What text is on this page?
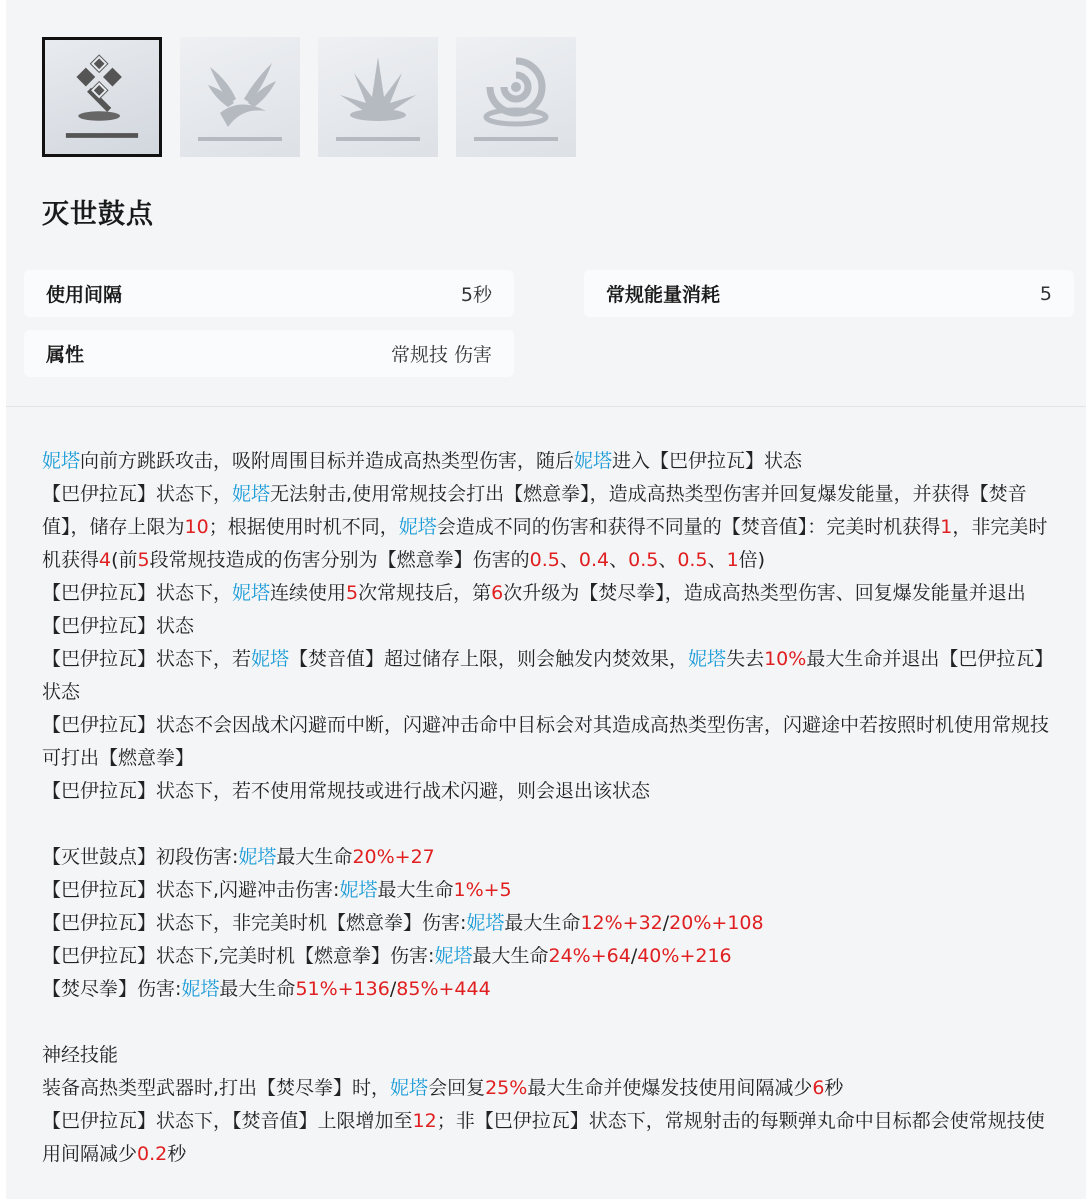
灭世鼓点
使用间隔	5秒	常规能量消耗	5
属性	常规技 伤害

妮塔向前方跳跃攻击，吸附周围目标并造成高热类型伤害，随后妮塔进入【巴伊拉瓦】状态

【巴伊拉瓦】状态下，妮塔无法射击,使用常规技会打出【燃意拳】，造成高热类型伤害并回复爆发能量，并获得【焚音值】，储存上限为10；根据使用时机不同，妮塔会造成不同的伤害和获得不同量的【焚音值】：完美时机获得1，非完美时机获得4(前5段常规技造成的伤害分别为【燃意拳】伤害的0.5、0.4、0.5、0.5、1倍)

【巴伊拉瓦】状态下，妮塔连续使用5次常规技后，第6次升级为【焚尽拳】，造成高热类型伤害、回复爆发能量并退出【巴伊拉瓦】状态

【巴伊拉瓦】状态下，若妮塔【焚音值】超过储存上限，则会触发内焚效果，妮塔失去10%最大生命并退出【巴伊拉瓦】状态

【巴伊拉瓦】状态不会因战术闪避而中断，闪避冲击命中目标会对其造成高热类型伤害，闪避途中若按照时机使用常规技可打出【燃意拳】

【巴伊拉瓦】状态下，若不使用常规技或进行战术闪避，则会退出该状态

【灭世鼓点】初段伤害:妮塔最大生命20%+27

【巴伊拉瓦】状态下,闪避冲击伤害:妮塔最大生命1%+5

【巴伊拉瓦】状态下，非完美时机【燃意拳】伤害:妮塔最大生命12%+32/20%+108

【巴伊拉瓦】状态下,完美时机【燃意拳】伤害:妮塔最大生命24%+64/40%+216

【焚尽拳】伤害:妮塔最大生命51%+136/85%+444

神经技能

装备高热类型武器时,打出【焚尽拳】时，妮塔会回复25%最大生命并使爆发技使用间隔减少6秒

【巴伊拉瓦】状态下，【焚音值】上限增加至12；非【巴伊拉瓦】状态下，常规射击的每颗弹丸命中目标都会使常规技使用间隔减少0.2秒
